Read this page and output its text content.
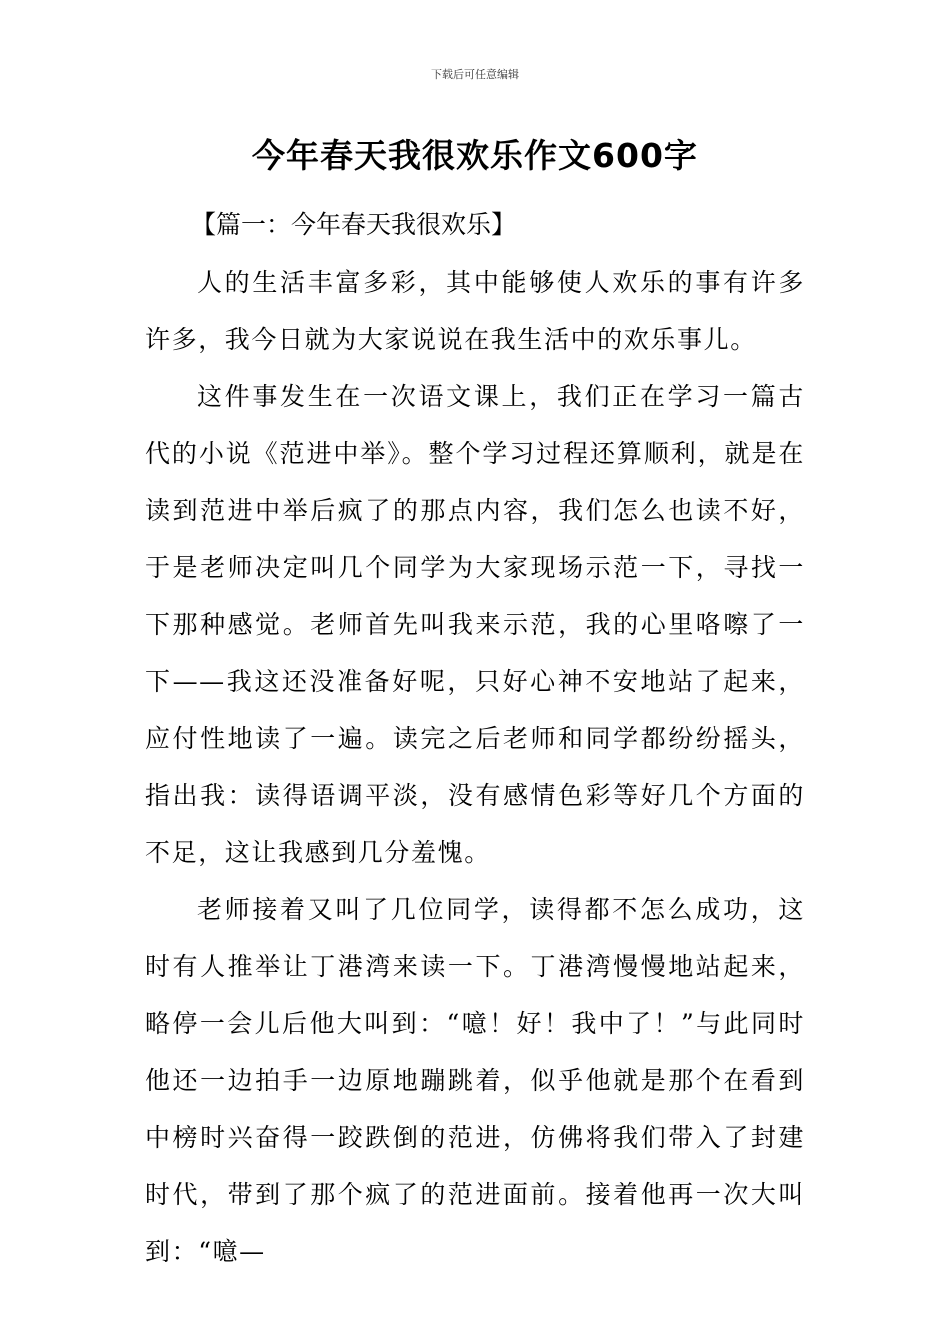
下载后可任意编辑
今年春天我很欢乐作文600字
【篇一：今年春天我很欢乐】

人的生活丰富多彩，其中能够使人欢乐的事有许多许多，我今日就为大家说说在我生活中的欢乐事儿。

这件事发生在一次语文课上，我们正在学习一篇古代的小说《范进中举》。整个学习过程还算顺利，就是在读到范进中举后疯了的那点内容，我们怎么也读不好，于是老师决定叫几个同学为大家现场示范一下，寻找一下那种感觉。老师首先叫我来示范，我的心里咯嚓了一下——我这还没准备好呢，只好心神不安地站了起来，应付性地读了一遍。读完之后老师和同学都纷纷摇头，指出我：读得语调平淡，没有感情色彩等好几个方面的不足，这让我感到几分羞愧。

老师接着又叫了几位同学，读得都不怎么成功，这时有人推举让丁港湾来读一下。丁港湾慢慢地站起来，略停一会儿后他大叫到：“噫！好！我中了！”与此同时他还一边拍手一边原地蹦跳着，似乎他就是那个在看到中榜时兴奋得一跤跌倒的范进，仿佛将我们带入了封建时代，带到了那个疯了的范进面前。接着他再一次大叫到：“噫—
